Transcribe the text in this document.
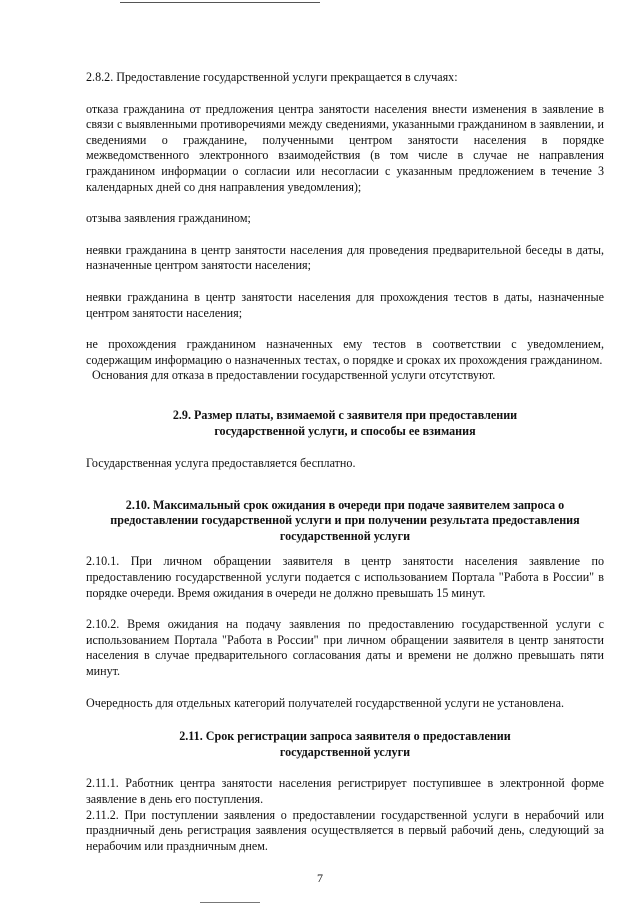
2.8.2. Предоставление государственной услуги прекращается в случаях:

отказа гражданина от предложения центра занятости населения внести изменения в заявление в связи с выявленными противоречиями между сведениями, указанными гражданином в заявлении, и сведениями о гражданине, полученными центром занятости населения в порядке межведомственного электронного взаимодействия (в том числе в случае не направления гражданином информации о согласии или несогласии с указанным предложением в течение 3 календарных дней со дня направления уведомления);

отзыва заявления гражданином;

неявки гражданина в центр занятости населения для проведения предварительной беседы в даты, назначенные центром занятости населения;

неявки гражданина в центр занятости населения для прохождения тестов в даты, назначенные центром занятости населения;

не прохождения гражданином назначенных ему тестов в соответствии с уведомлением, содержащим информацию о назначенных тестах, о порядке и сроках их прохождения гражданином.

Основания для отказа в предоставлении государственной услуги отсутствуют.

2.9. Размер платы, взимаемой с заявителя при предоставлении
государственной услуги, и способы ее взимания

Государственная услуга предоставляется бесплатно.

2.10. Максимальный срок ожидания в очереди при подаче заявителем запроса о
предоставлении государственной услуги и при получении результата предоставления
государственной услуги

2.10.1. При личном обращении заявителя в центр занятости населения заявление по предоставлению государственной услуги подается с использованием Портала "Работа в России" в порядке очереди. Время ожидания в очереди не должно превышать 15 минут.

2.10.2. Время ожидания на подачу заявления по предоставлению государственной услуги с использованием Портала "Работа в России" при личном обращении заявителя в центр занятости населения в случае предварительного согласования даты и времени не должно превышать пяти минут.

Очередность для отдельных категорий получателей государственной услуги не установлена.

2.11. Срок регистрации запроса заявителя о предоставлении
государственной услуги

2.11.1. Работник центра занятости населения регистрирует поступившее в электронной форме заявление в день его поступления.

2.11.2. При поступлении заявления о предоставлении государственной услуги в нерабочий или праздничный день регистрация заявления осуществляется в первый рабочий день, следующий за нерабочим или праздничным днем.

7
